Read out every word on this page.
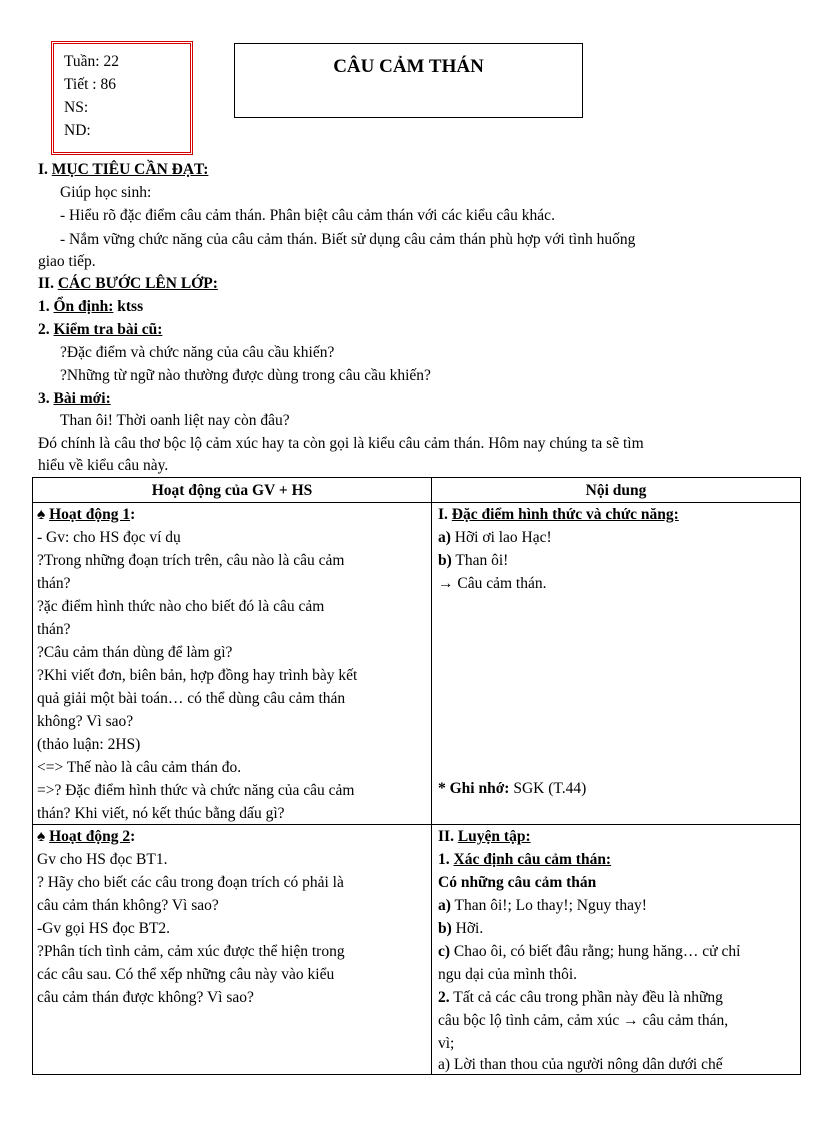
Tuần: 22
Tiết : 86
NS:
ND:
CÂU CẢM THÁN
I. MỤC TIÊU CẦN ĐẠT:
Giúp học sinh:
- Hiểu rõ đặc điểm câu cảm thán. Phân biệt câu cảm thán với các kiểu câu khác.
- Nắm vững chức năng của câu cảm thán. Biết sử dụng câu cảm thán phù hợp với tình huống
giao tiếp.
II. CÁC BƯỚC LÊN LỚP:
1. Ổn định: ktss
2. Kiểm tra bài cũ:
?Đặc điểm và chức năng của câu cầu khiến?
?Những từ ngữ nào thường được dùng trong câu cầu khiến?
3. Bài mới:
Than ôi! Thời oanh liệt nay còn đâu?
Đó chính là câu thơ bộc lộ cảm xúc hay ta còn gọi là kiểu câu cảm thán. Hôm nay chúng ta sẽ tìm
hiểu về kiểu câu này.
Hoạt động của GV + HS	Nội dung
♠ Hoạt động 1:
- Gv: cho HS đọc ví dụ
?Trong những đoạn trích trên, câu nào là câu cảm
thán?
?ặc điểm hình thức nào cho biết đó là câu cảm
thán?
?Câu cảm thán dùng để làm gì?
?Khi viết đơn, biên bản, hợp đồng hay trình bày kết
quả giải một bài toán… có thể dùng câu cảm thán
không? Vì sao?
(thảo luận: 2HS)
<=> Thế nào là câu cảm thán đo.
=>? Đặc điểm hình thức và chức năng của câu cảm
thán? Khi viết, nó kết thúc bằng dấu gì?
I. Đặc điểm hình thức và chức năng:
a) Hỡi ơi lao Hạc!
b) Than ôi!
→ Câu cảm thán.
* Ghi nhớ: SGK (T.44)
♠ Hoạt động 2:
Gv cho HS đọc BT1.
? Hãy cho biết các câu trong đoạn trích có phải là
câu cảm thán không? Vì sao?
-Gv gọi HS đọc BT2.
?Phân tích tình cảm, cảm xúc được thể hiện trong
các câu sau. Có thể xếp những câu này vào kiểu
câu cảm thán được không? Vì sao?
II. Luyện tập:
1. Xác định câu cảm thán:
Có những câu cảm thán
a) Than ôi!; Lo thay!; Nguy thay!
b) Hỡi.
c) Chao ôi, có biết đâu rằng; hung hăng… cử chỉ
ngu dại của mình thôi.
2. Tất cả các câu trong phần này đều là những
câu bộc lộ tình cảm, cảm xúc → câu cảm thán,
vì;
a) Lời than thou của người nông dân dưới chế
